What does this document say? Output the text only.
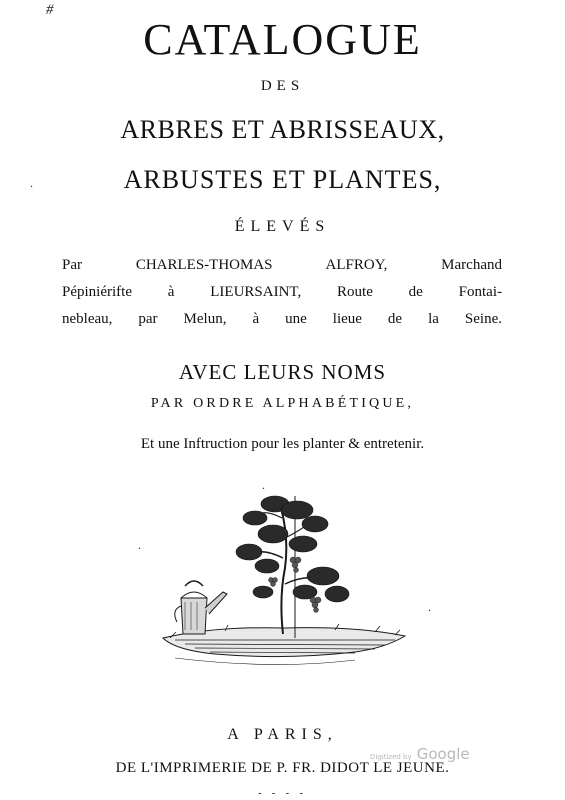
#
CATALOGUE
DES
ARBRES ET ABRISSEAUX,
.	ARBUSTES ET PLANTES,
ÉLEVÉS
Par CHARLES-THOMAS ALFROY, Marchand
Pépiniérifte à LIEURSAINT, Route de Fontai-
nebleau, par Melun, à une lieue de la Seine.
AVEC LEURS NOMS
PAR ORDRE ALPHABÉTIQUE,
Et une Inftruction pour les planter & entretenir.
.
.
.
A PARIS,
Digitized by Google
DE L'IMPRIMERIE DE P. FR. DIDOT LE JEUNE.
- - - -
